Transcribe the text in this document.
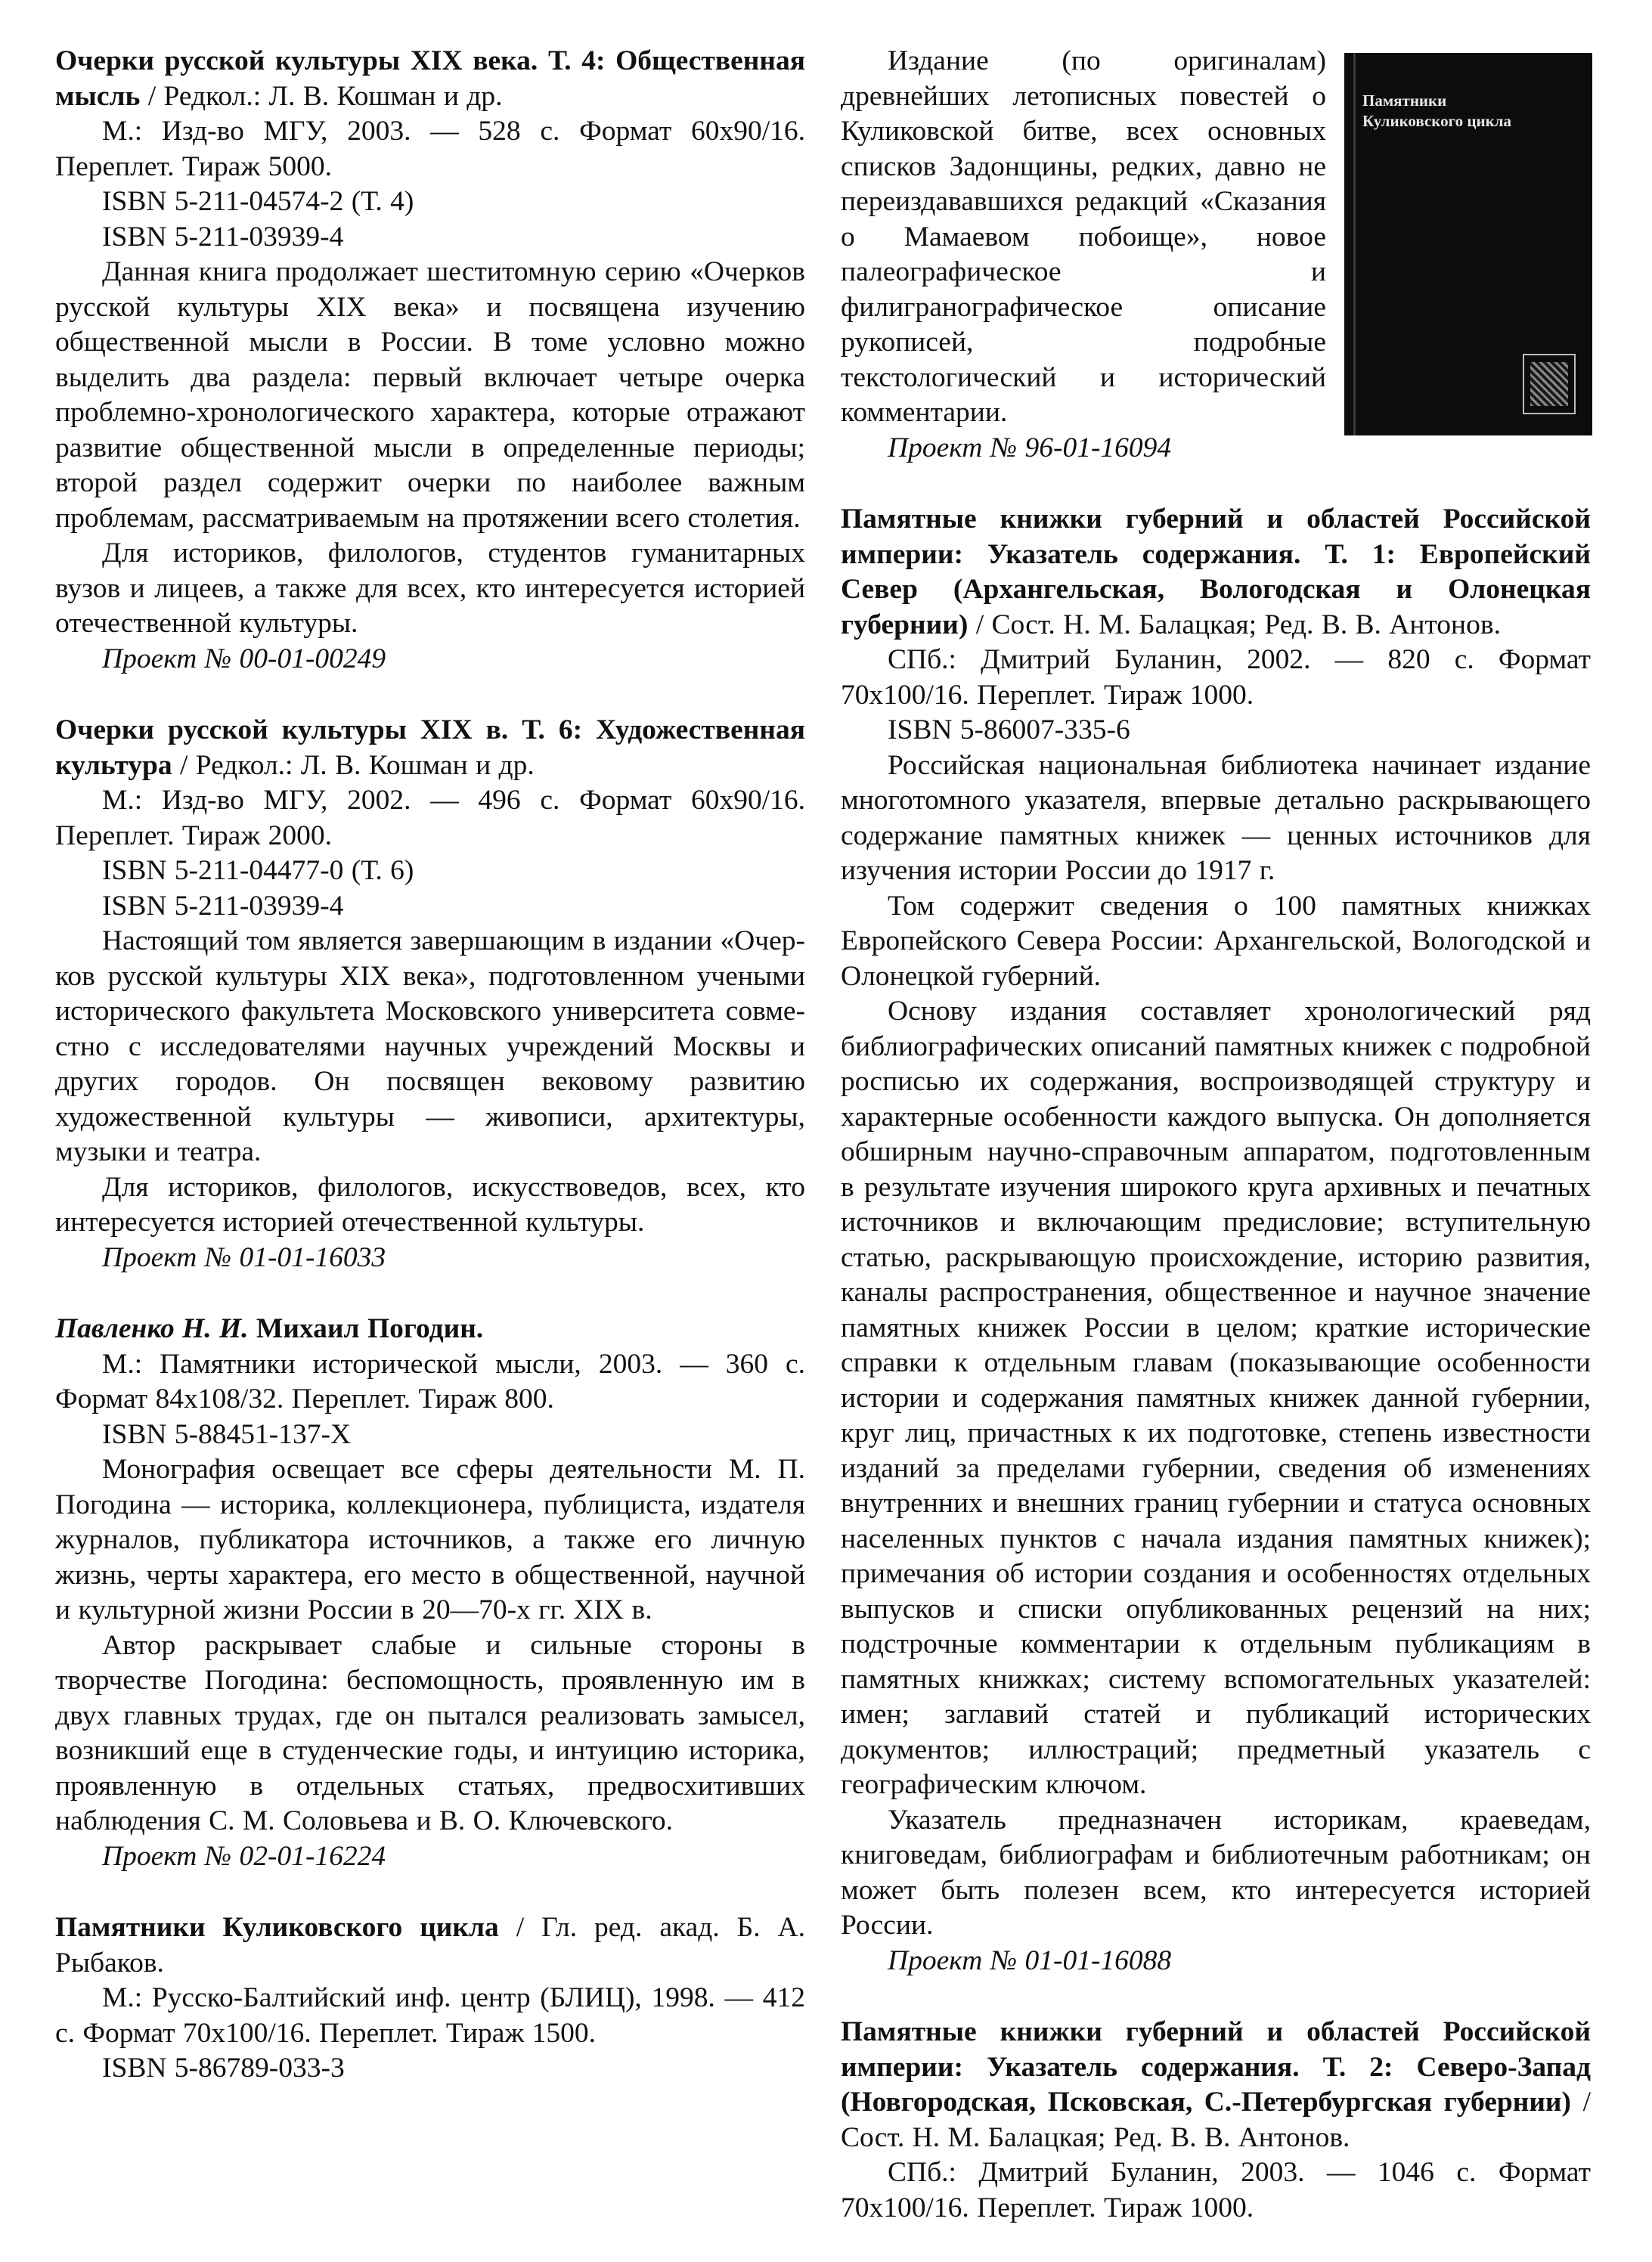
Очерки русской культуры XIX века. Т. 4: Общественная мысль / Редкол.: Л. В. Кошман и др.

М.: Изд-во МГУ, 2003. — 528 с. Формат 60x90/16. Переплет. Тираж 5000.

ISBN 5-211-04574-2 (Т. 4)

ISBN 5-211-03939-4

Данная книга продолжает шеститомную серию «Очерков русской культуры XIX века» и посвящена изучению общественной мысли в России. В томе условно можно выделить два раздела: первый включает четыре очерка проблемно-хронологического характера, которые отражают развитие общественной мысли в определенные периоды; второй раздел содержит очерки по наиболее важным проблемам, рассматриваемым на протяжении всего столетия.

Для историков, филологов, студентов гуманитарных вузов и лицеев, а также для всех, кто интересуется историей отечественной культуры.

Проект № 00-01-00249

Очерки русской культуры XIX в. Т. 6: Художественная культура / Редкол.: Л. В. Кошман и др.

М.: Изд-во МГУ, 2002. — 496 с. Формат 60x90/16. Переплет. Тираж 2000.

ISBN 5-211-04477-0 (Т. 6)

ISBN 5-211-03939-4

Настоящий том является завершающим в издании «Очер-ков русской культуры XIX века», подготовленном учеными исторического факультета Московского университета совме-стно с исследователями научных учреждений Москвы и других городов. Он посвящен вековому развитию художественной культуры — живописи, архитектуры, музыки и театра.

Для историков, филологов, искусствоведов, всех, кто интересуется историей отечественной культуры.

Проект № 01-01-16033

Павленко Н. И. Михаил Погодин.

М.: Памятники исторической мысли, 2003. — 360 с. Формат 84x108/32. Переплет. Тираж 800.

ISBN 5-88451-137-X

Монография освещает все сферы деятельности М. П. Погодина — историка, коллекционера, публициста, издателя журналов, публикатора источников, а также его личную жизнь, черты характера, его место в общественной, научной и культурной жизни России в 20—70-х гг. XIX в.

Автор раскрывает слабые и сильные стороны в творчестве Погодина: беспомощность, проявленную им в двух главных трудах, где он пытался реализовать замысел, возникший еще в студенческие годы, и интуицию историка, проявленную в отдельных статьях, предвосхитивших наблюдения С. М. Соловьева и В. О. Ключевского.

Проект № 02-01-16224

Памятники Куликовского цикла / Гл. ред. акад. Б. А. Рыбаков.

М.: Русско-Балтийский инф. центр (БЛИЦ), 1998. — 412 с. Формат 70x100/16. Переплет. Тираж 1500.

ISBN 5-86789-033-3

Издание (по оригиналам) древнейших летописных повестей о Куликовской битве, всех основных списков Задонщины, редких, давно не переиздававшихся редакций «Сказания о Мамаевом побоище», новое палеографическое и филигранографическое описание рукописей, подробные текстологический и исторический комментарии.

Проект № 96-01-16094

Памятные книжки губерний и областей Российской империи: Указатель содержания. Т. 1: Европейский Север (Архангельская, Вологодская и Олонецкая губернии) / Сост. Н. М. Балацкая; Ред. В. В. Антонов.

СПб.: Дмитрий Буланин, 2002. — 820 с. Формат 70x100/16. Переплет. Тираж 1000.

ISBN 5-86007-335-6

Российская национальная библиотека начинает издание многотомного указателя, впервые детально раскрывающего содержание памятных книжек — ценных источников для изучения истории России до 1917 г.

Том содержит сведения о 100 памятных книжках Европейского Севера России: Архангельской, Вологодской и Олонецкой губерний.

Основу издания составляет хронологический ряд библиографических описаний памятных книжек с подробной росписью их содержания, воспроизводящей структуру и характерные особенности каждого выпуска. Он дополняется обширным научно-справочным аппаратом, подготовленным в результате изучения широкого круга архивных и печатных источников и включающим предисловие; вступительную статью, раскрывающую происхождение, историю развития, каналы распространения, общественное и научное значение памятных книжек России в целом; краткие исторические справки к отдельным главам (показывающие особенности истории и содержания памятных книжек данной губернии, круг лиц, причастных к их подготовке, степень известности изданий за пределами губернии, сведения об изменениях внутренних и внешних границ губернии и статуса основных населенных пунктов с начала издания памятных книжек); примечания об истории создания и особенностях отдельных выпусков и списки опубликованных рецензий на них; подстрочные комментарии к отдельным публикациям в памятных книжках; систему вспомогательных указателей: имен; заглавий статей и публикаций исторических документов; иллюстраций; предметный указатель с географическим ключом.

Указатель предназначен историкам, краеведам, книговедам, библиографам и библиотечным работникам; он может быть полезен всем, кто интересуется историей России.

Проект № 01-01-16088

Памятные книжки губерний и областей Российской империи: Указатель содержания. Т. 2: Северо-Запад (Новгородская, Псковская, С.-Петербургская губернии) / Сост. Н. М. Балацкая; Ред. В. В. Антонов.

СПб.: Дмитрий Буланин, 2003. — 1046 с. Формат 70x100/16. Переплет. Тираж 1000.

Памятники Куликовского цикла
